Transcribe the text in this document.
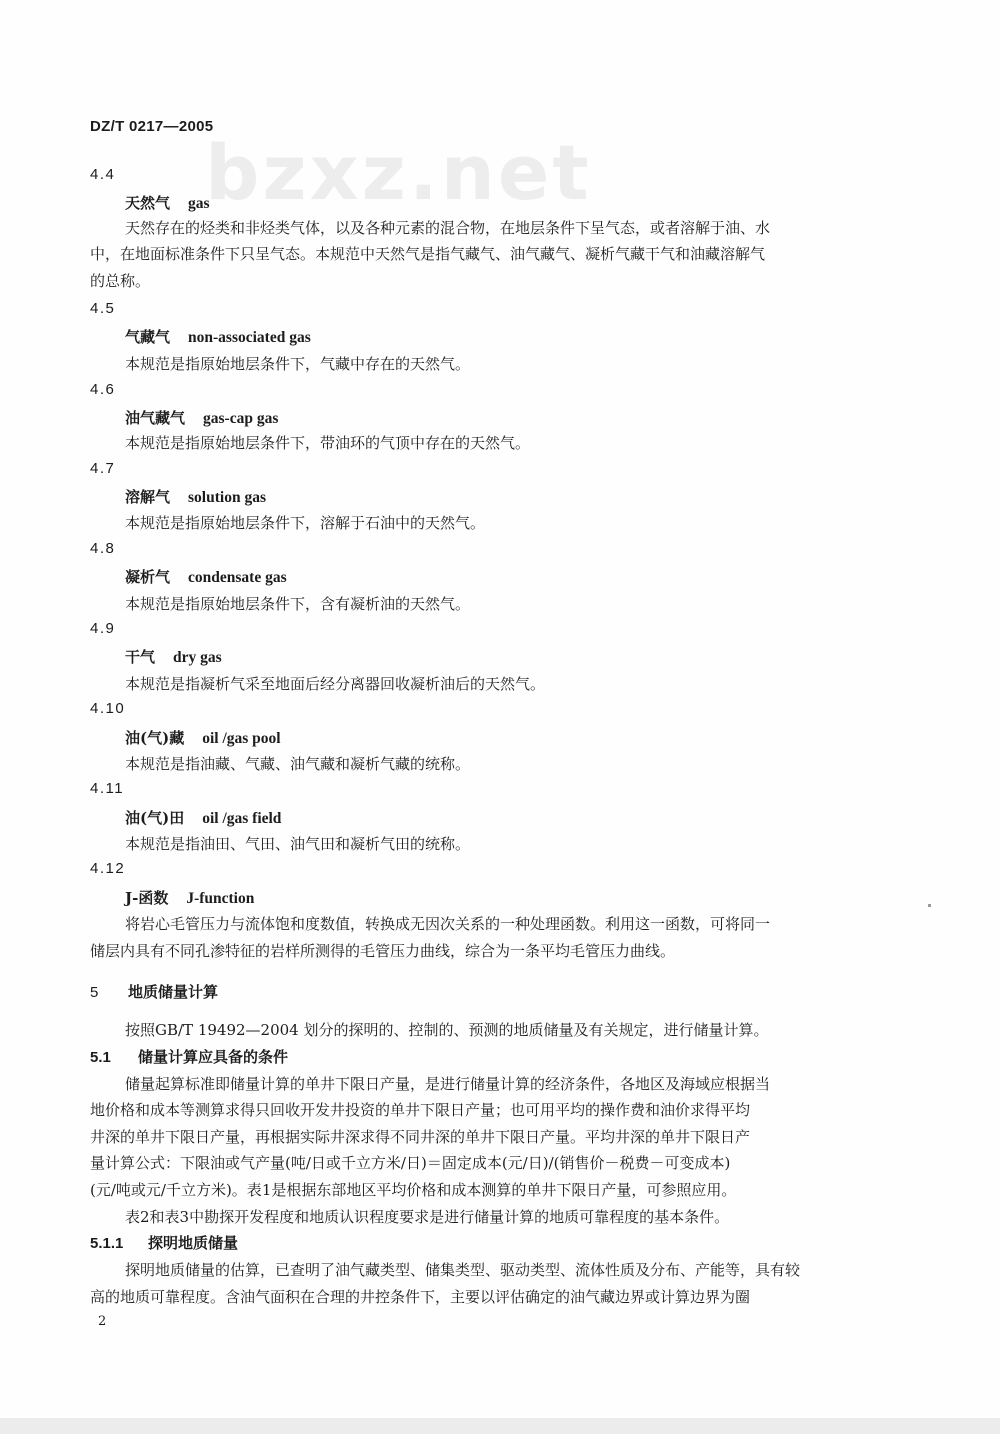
bzxz.net
DZ/T 0217—2005
4.4
天然气 gas
天然存在的烃类和非烃类气体，以及各种元素的混合物，在地层条件下呈气态，或者溶解于油、水
中，在地面标准条件下只呈气态。本规范中天然气是指气藏气、油气藏气、凝析气藏干气和油藏溶解气
的总称。
4.5
气藏气 non-associated gas
本规范是指原始地层条件下，气藏中存在的天然气。
4.6
油气藏气 gas-cap gas
本规范是指原始地层条件下，带油环的气顶中存在的天然气。
4.7
溶解气 solution gas
本规范是指原始地层条件下，溶解于石油中的天然气。
4.8
凝析气 condensate gas
本规范是指原始地层条件下，含有凝析油的天然气。
4.9
干气 dry gas
本规范是指凝析气采至地面后经分离器回收凝析油后的天然气。
4.10
油(气)藏 oil /gas pool
本规范是指油藏、气藏、油气藏和凝析气藏的统称。
4.11
油(气)田 oil /gas field
本规范是指油田、气田、油气田和凝析气田的统称。
4.12
J-函数 J-function
将岩心毛管压力与流体饱和度数值，转换成无因次关系的一种处理函数。利用这一函数，可将同一
储层内具有不同孔渗特征的岩样所测得的毛管压力曲线，综合为一条平均毛管压力曲线。
5 地质储量计算
按照GB/T 19492—2004 划分的探明的、控制的、预测的地质储量及有关规定，进行储量计算。
5.1 储量计算应具备的条件
储量起算标准即储量计算的单井下限日产量，是进行储量计算的经济条件，各地区及海域应根据当
地价格和成本等测算求得只回收开发井投资的单井下限日产量；也可用平均的操作费和油价求得平均
井深的单井下限日产量，再根据实际井深求得不同井深的单井下限日产量。平均井深的单井下限日产
量计算公式：下限油或气产量(吨/日或千立方米/日)＝固定成本(元/日)/(销售价－税费－可变成本)
(元/吨或元/千立方米)。表1是根据东部地区平均价格和成本测算的单井下限日产量，可参照应用。
表2和表3中勘探开发程度和地质认识程度要求是进行储量计算的地质可靠程度的基本条件。
5.1.1 探明地质储量
探明地质储量的估算，已查明了油气藏类型、储集类型、驱动类型、流体性质及分布、产能等，具有较
高的地质可靠程度。含油气面积在合理的井控条件下，主要以评估确定的油气藏边界或计算边界为圈
2
